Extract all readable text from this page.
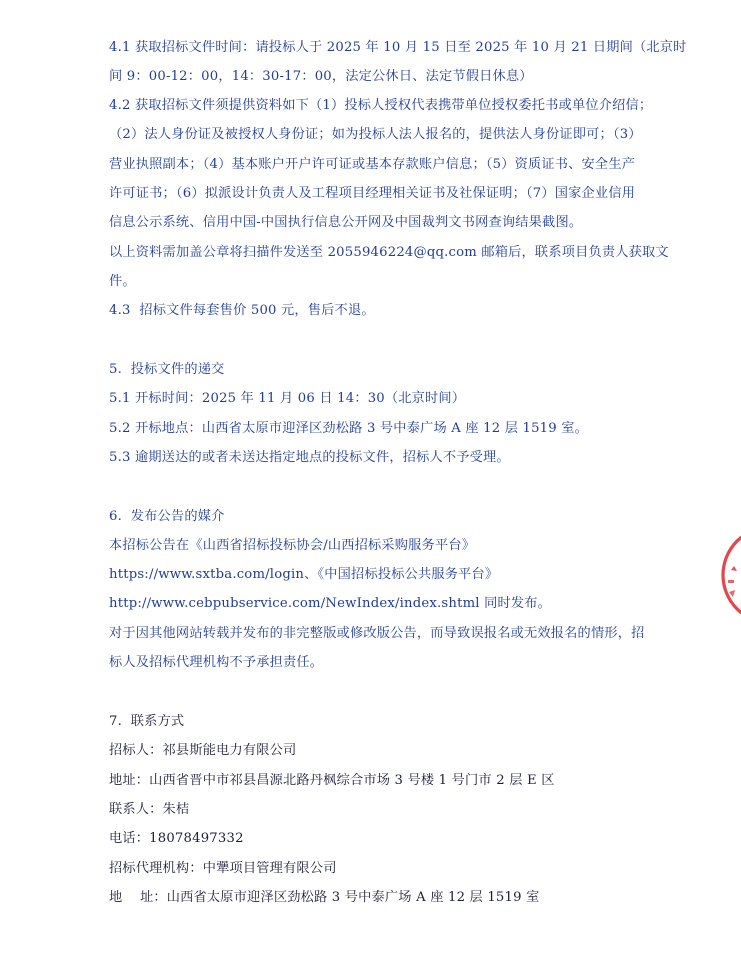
4.1 获取招标文件时间：请投标人于 2025 年 10 月 15 日至 2025 年 10 月 21 日期间（北京时
间 9：00-12：00，14：30-17：00，法定公休日、法定节假日休息）
4.2 获取招标文件须提供资料如下（1）投标人授权代表携带单位授权委托书或单位介绍信；
（2）法人身份证及被授权人身份证；如为投标人法人报名的，提供法人身份证即可；（3）
营业执照副本；（4）基本账户开户许可证或基本存款账户信息；（5）资质证书、安全生产
许可证书；（6）拟派设计负责人及工程项目经理相关证书及社保证明；（7）国家企业信用
信息公示系统、信用中国-中国执行信息公开网及中国裁判文书网查询结果截图。
以上资料需加盖公章将扫描件发送至 2055946224@qq.com 邮箱后，联系项目负责人获取文
件。
4.3  招标文件每套售价 500 元，售后不退。
5.  投标文件的递交
5.1 开标时间：2025 年 11 月 06 日 14：30（北京时间）
5.2 开标地点：山西省太原市迎泽区劲松路 3 号中泰广场 A 座 12 层 1519 室。
5.3 逾期送达的或者未送达指定地点的投标文件，招标人不予受理。
6.  发布公告的媒介
本招标公告在《山西省招标投标协会/山西招标采购服务平台》
https://www.sxtba.com/login、《中国招标投标公共服务平台》
http://www.cebpubservice.com/NewIndex/index.shtml 同时发布。
对于因其他网站转载并发布的非完整版或修改版公告，而导致误报名或无效报名的情形，招
标人及招标代理机构不予承担责任。
7.  联系方式
招标人：祁县斯能电力有限公司
地址：山西省晋中市祁县昌源北路丹枫综合市场 3 号楼 1 号门市 2 层 E 区
联系人：朱桔
电话：18078497332
招标代理机构：中犟项目管理有限公司
地    址：山西省太原市迎泽区劲松路 3 号中泰广场 A 座 12 层 1519 室
